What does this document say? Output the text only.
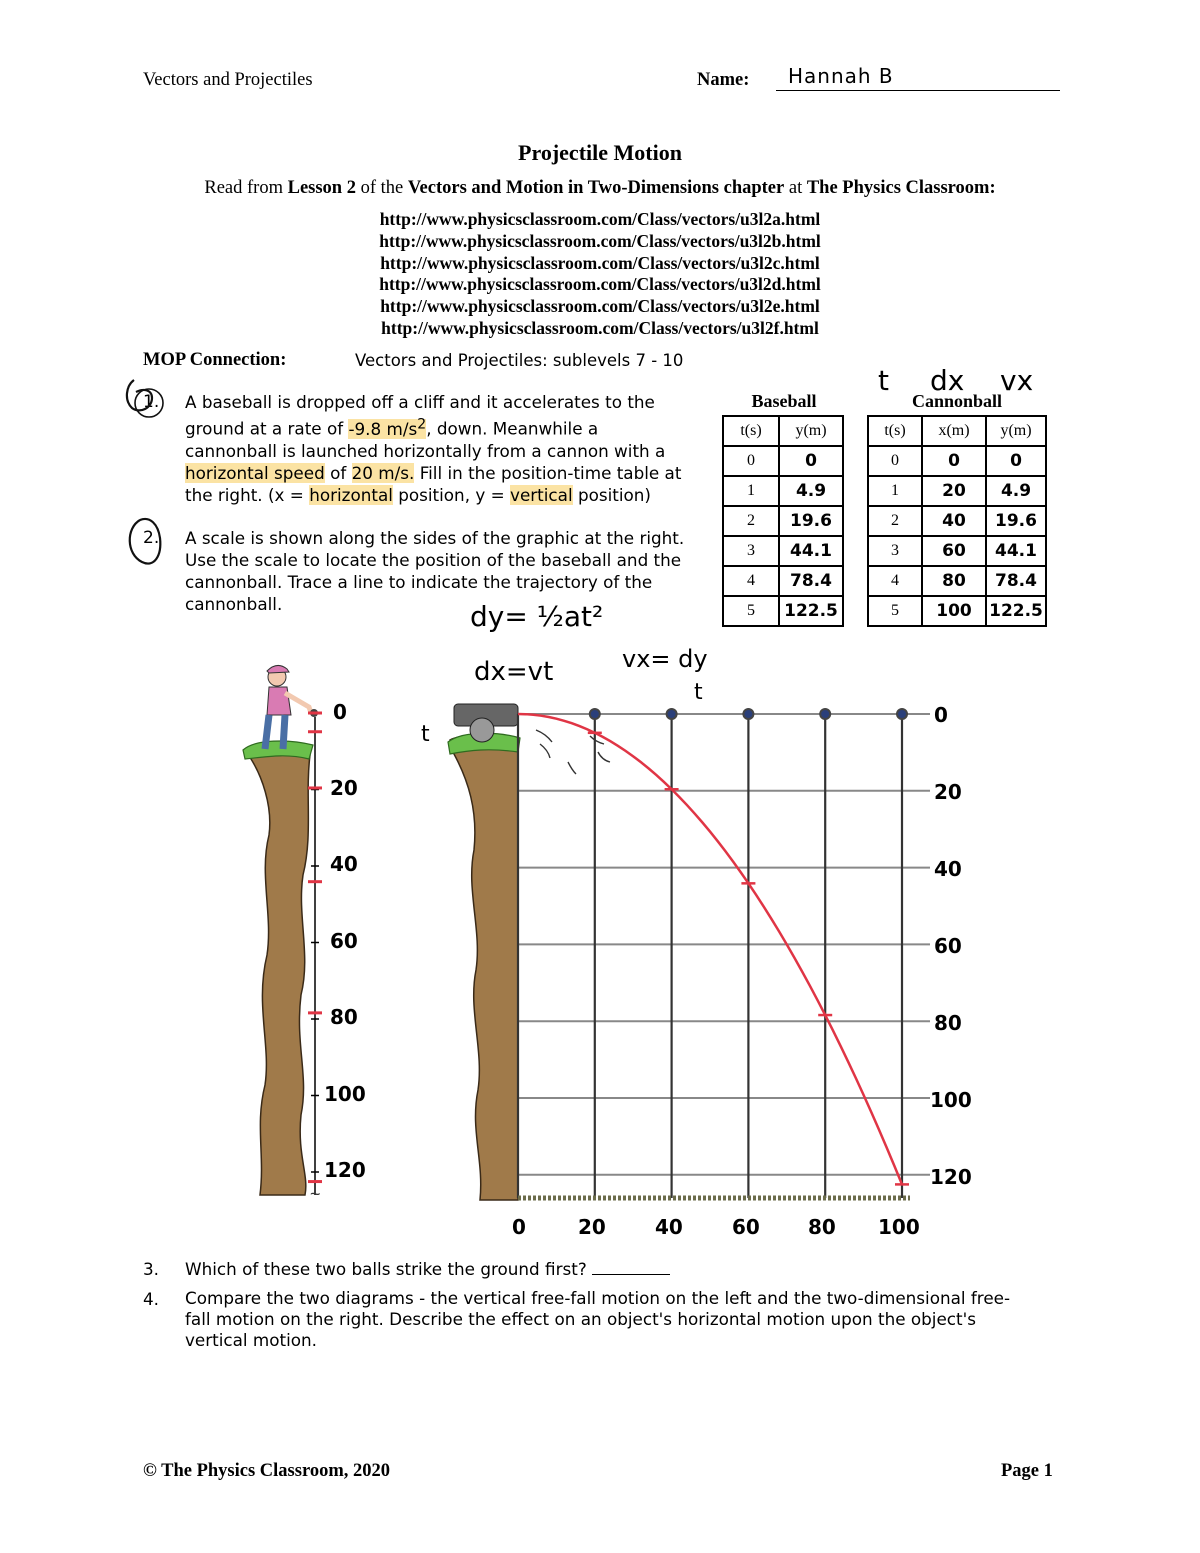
Vectors and Projectiles	Name: Hannah B
Projectile Motion
Read from Lesson 2 of the Vectors and Motion in Two-Dimensions chapter at The Physics Classroom:
http://www.physicsclassroom.com/Class/vectors/u3l2a.html
http://www.physicsclassroom.com/Class/vectors/u3l2b.html
http://www.physicsclassroom.com/Class/vectors/u3l2c.html
http://www.physicsclassroom.com/Class/vectors/u3l2d.html
http://www.physicsclassroom.com/Class/vectors/u3l2e.html
http://www.physicsclassroom.com/Class/vectors/u3l2f.html
MOP Connection:	Vectors and Projectiles: sublevels 7 - 10
1. A baseball is dropped off a cliff and it accelerates to the
ground at a rate of -9.8 $m/s^2$, down. Meanwhile a
cannonball is launched horizontally from a cannon with a
horizontal speed of 20 m/s. Fill in the position-time table at
the right. (x = horizontal position, y = vertical position)
2. A scale is shown along the sides of the graphic at the right.
Use the scale to locate the position of the baseball and the
cannonball. Trace a line to indicate the trajectory of the
cannonball.
t dx vx
Baseball
t(s)	y(m)
0	0
1	4.9
2	19.6
3	44.1
4	78.4
5	122.5
Cannonball
t(s)	x(m)	y(m)
0	0	0
1	20	4.9
2	40	19.6
3	60	44.1
4	80	78.4
5	100	122.5
dy= ½at²
dx=vt	vx= dy
t
t
~
0
20
40
60
80
100
120
0
20
40
60
80
100
120
0	20 40 60 80 100
3. Which of these two balls strike the ground first?
4. Compare the two diagrams - the vertical free-fall motion on the left and the two-dimensional free-
fall motion on the right. Describe the effect on an object's horizontal motion upon the object's
vertical motion.
© The Physics Classroom, 2020	Page 1
